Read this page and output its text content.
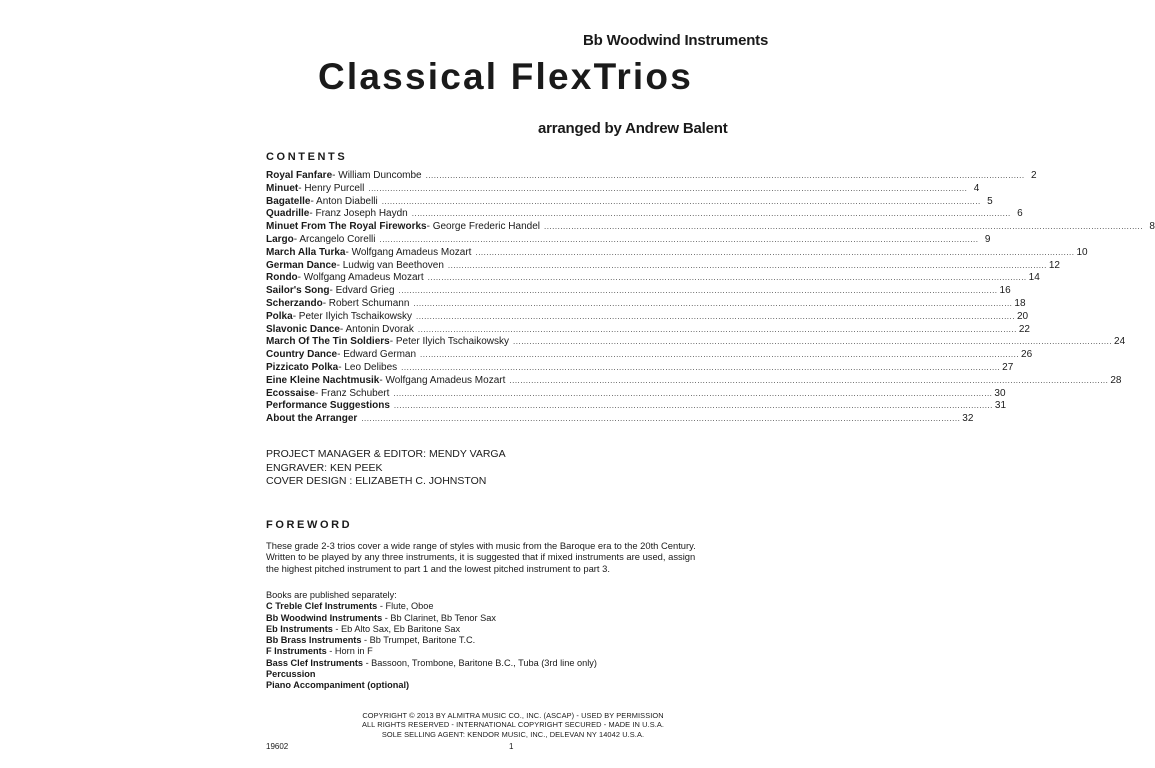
Bb Woodwind Instruments
Classical FlexTrios
arranged by Andrew Balent
CONTENTS
Royal Fanfare - William Duncombe ............................................................................................................................................................................................................................ 2
Minuet - Henry Purcell ............................................................................................................................................................................................................................ 4
Bagatelle - Anton Diabelli ............................................................................................................................................................................................................................ 5
Quadrille - Franz Joseph Haydn ............................................................................................................................................................................................................................ 6
Minuet From The Royal Fireworks - George Frederic Handel ............................................................................................................................................................................................................................ 8
Largo - Arcangelo Corelli ............................................................................................................................................................................................................................ 9
March Alla Turka - Wolfgang Amadeus Mozart ............................................................................................................................................................................................................................ 10
German Dance - Ludwig van Beethoven ............................................................................................................................................................................................................................ 12
Rondo - Wolfgang Amadeus Mozart ............................................................................................................................................................................................................................ 14
Sailor's Song - Edvard Grieg ............................................................................................................................................................................................................................ 16
Scherzando - Robert Schumann ............................................................................................................................................................................................................................ 18
Polka - Peter Ilyich Tschaikowsky ............................................................................................................................................................................................................................ 20
Slavonic Dance - Antonin Dvorak ............................................................................................................................................................................................................................ 22
March Of The Tin Soldiers - Peter Ilyich Tschaikowsky ............................................................................................................................................................................................................................ 24
Country Dance - Edward German ............................................................................................................................................................................................................................ 26
Pizzicato Polka - Leo Delibes ............................................................................................................................................................................................................................ 27
Eine Kleine Nachtmusik - Wolfgang Amadeus Mozart ............................................................................................................................................................................................................................ 28
Ecossaise - Franz Schubert ............................................................................................................................................................................................................................ 30
Performance Suggestions ............................................................................................................................................................................................................................ 31
About the Arranger ............................................................................................................................................................................................................................ 32
PROJECT MANAGER & EDITOR: MENDY VARGA
ENGRAVER: KEN PEEK
COVER DESIGN : ELIZABETH C. JOHNSTON
FOREWORD
These grade 2-3 trios cover a wide range of styles with music from the Baroque era to the 20th Century. Written to be played by any three instruments, it is suggested that if mixed instruments are used, assign the highest pitched instrument to part 1 and the lowest pitched instrument to part 3.
Books are published separately:
C Treble Clef Instruments - Flute, Oboe
Bb Woodwind Instruments - Bb Clarinet, Bb Tenor Sax
Eb Instruments - Eb Alto Sax, Eb Baritone Sax
Bb Brass Instruments - Bb Trumpet, Baritone T.C.
F Instruments - Horn in F
Bass Clef Instruments - Bassoon, Trombone, Baritone B.C., Tuba (3rd line only)
Percussion
Piano Accompaniment (optional)
COPYRIGHT © 2013 BY ALMITRA MUSIC CO., INC. (ASCAP) - USED BY PERMISSION
ALL RIGHTS RESERVED - INTERNATIONAL COPYRIGHT SECURED - MADE IN U.S.A.
SOLE SELLING AGENT: KENDOR MUSIC, INC., DELEVAN NY 14042 U.S.A.
19602	1
